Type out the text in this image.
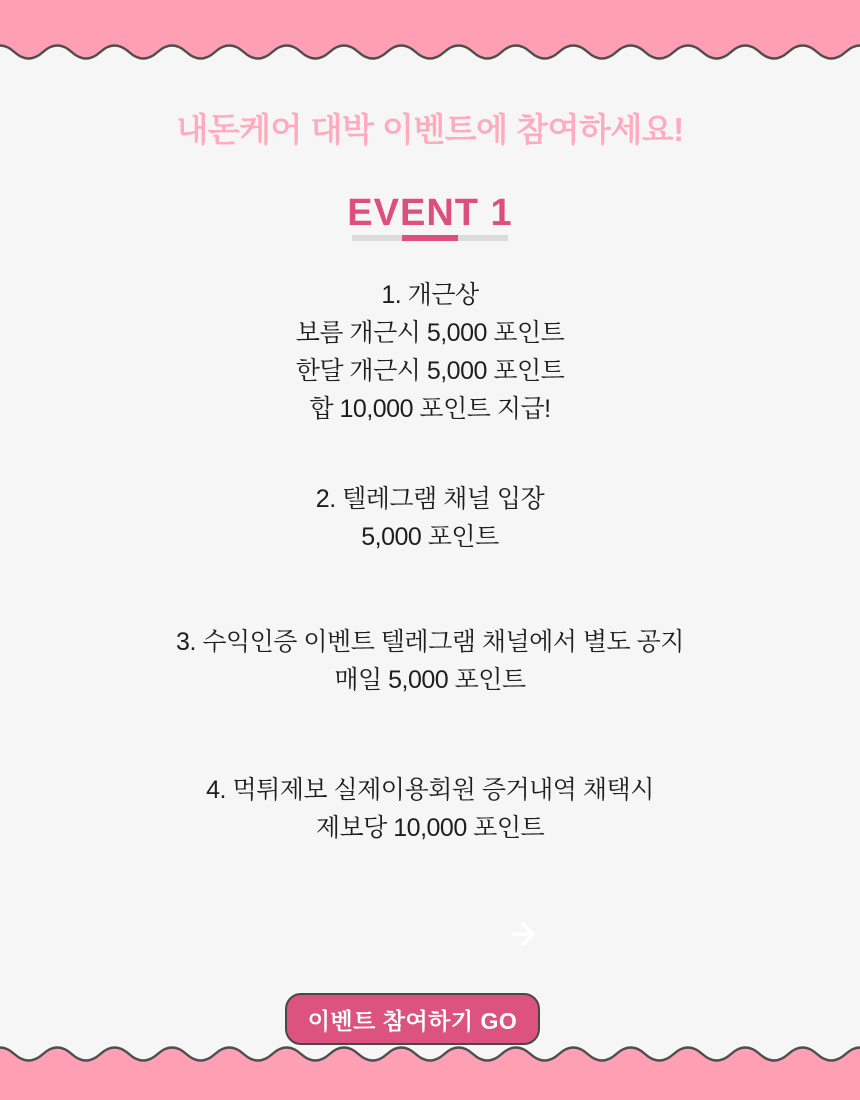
내돈케어 대박 이벤트에 참여하세요!
EVENT 1
1. 개근상
보름 개근시 5,000 포인트
한달 개근시 5,000 포인트
합 10,000 포인트 지급!
2. 텔레그램 채널 입장
5,000 포인트
3. 수익인증 이벤트 텔레그램 채널에서 별도 공지
매일 5,000 포인트
4. 먹튀제보 실제이용회원 증거내역 채택시
제보당 10,000 포인트
이벤트 참여하기 GO
